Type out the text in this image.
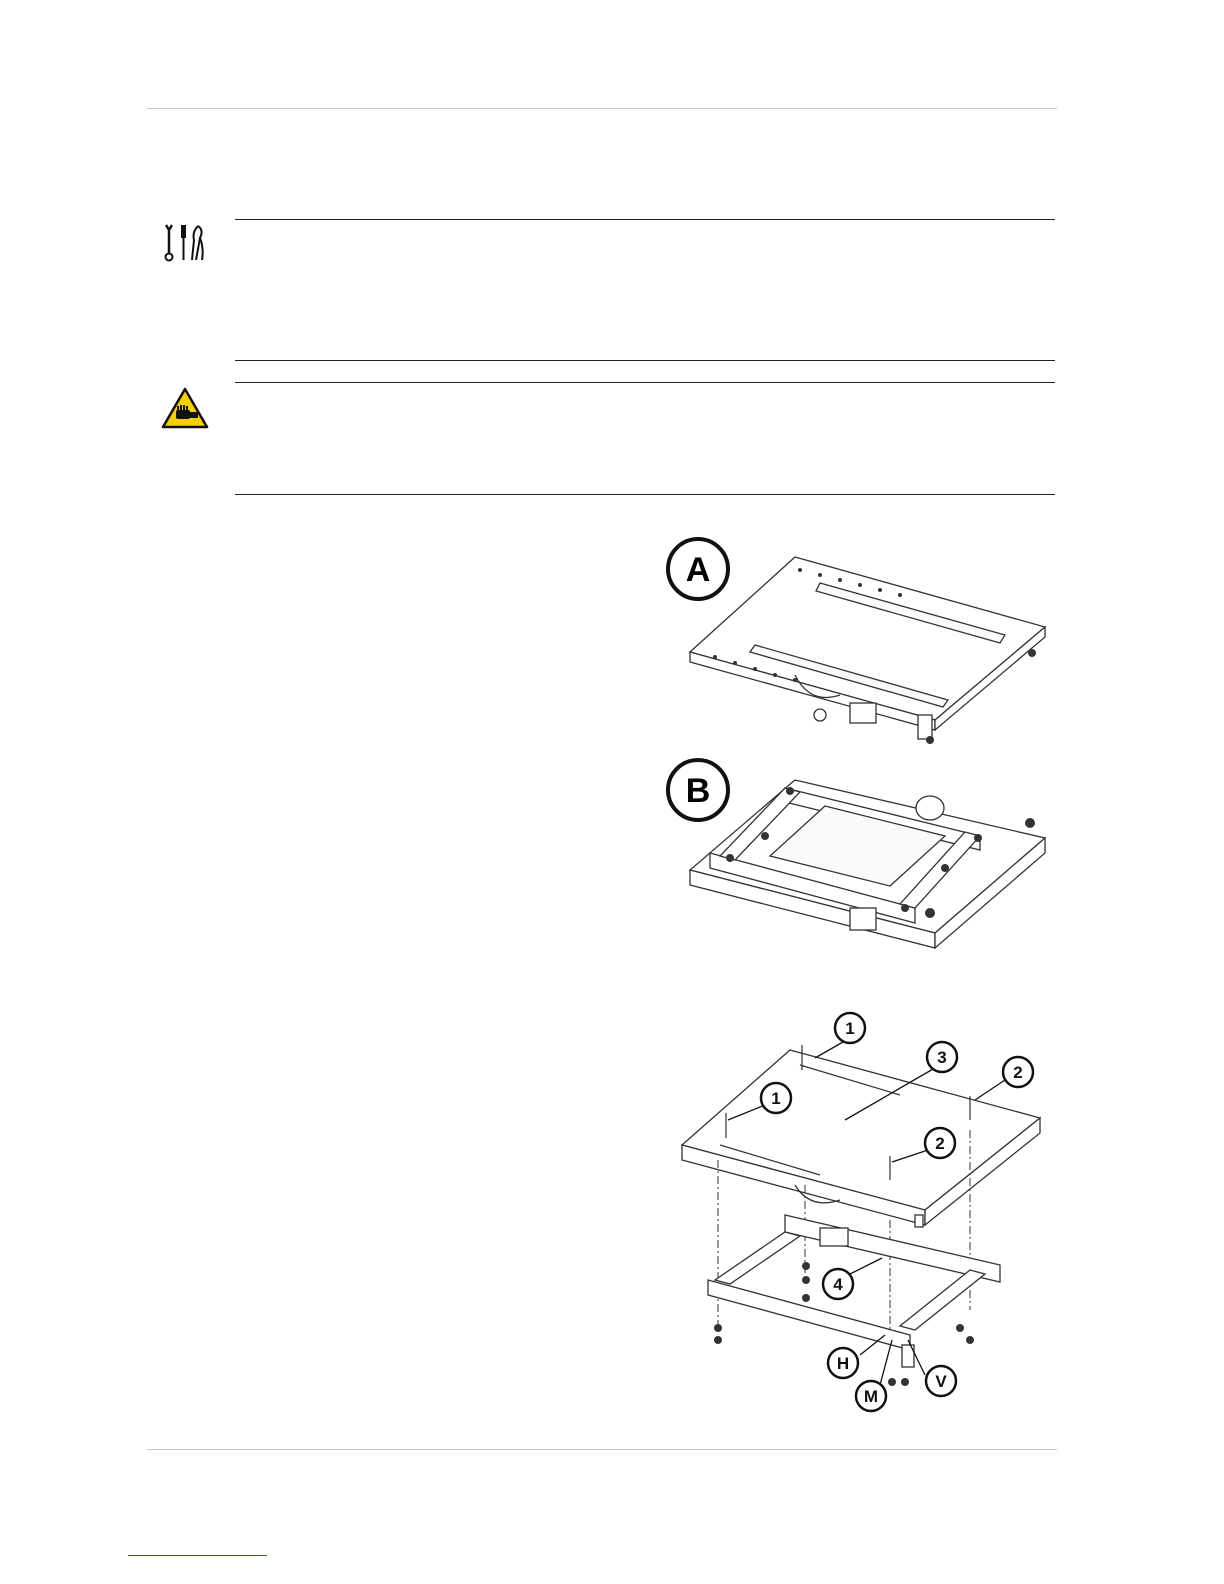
A
B
1
1
2
2
3
4
H
M
V
